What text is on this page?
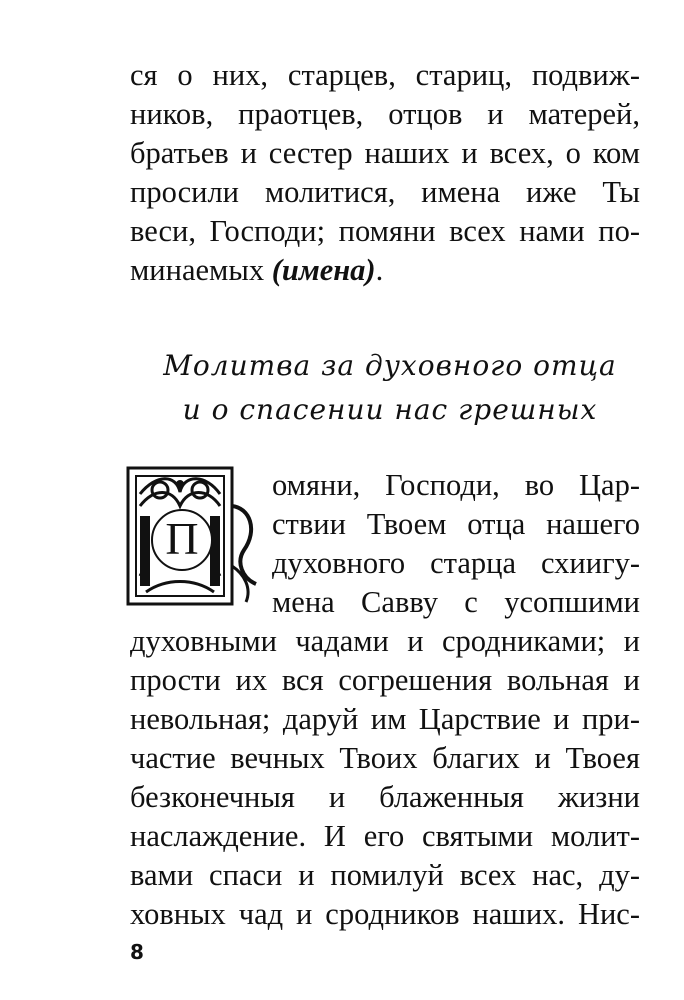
ся о них, старцев, стариц, подвиж-
ников, праотцев, отцов и матерей,
братьев и сестер наших и всех, о ком
просили молитися, имена иже Ты
веси, Господи; помяни всех нами по-
минаемых (имена).
Молитва за духовного отца
и о спасении нас грешных
П
омяни, Господи, во Цар-
ствии Твоем отца нашего
духовного старца схиигу-
мена Савву с усопшими
духовными чадами и сродниками; и
прости их вся согрешения вольная и
невольная; даруй им Царствие и при-
частие вечных Твоих благих и Твоея
безконечныя и блаженныя жизни
наслаждение. И его святыми молит-
вами спаси и помилуй всех нас, ду-
ховных чад и сродников наших. Нис-
8
